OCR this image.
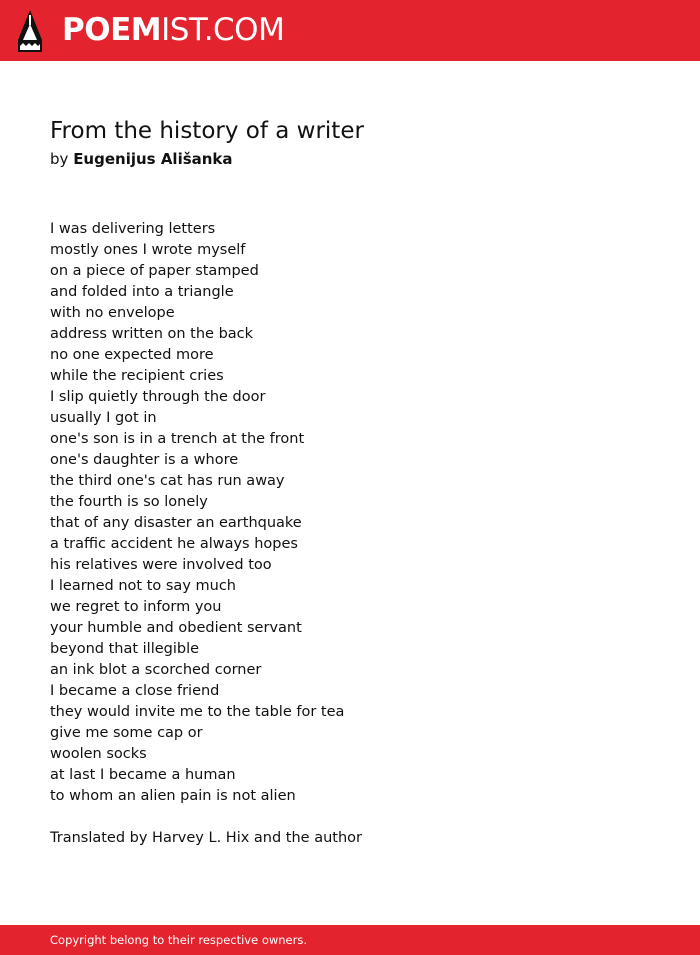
POEMIST.COM
From the history of a writer
by Eugenijus Ališanka
I was delivering letters
mostly ones I wrote myself
on a piece of paper stamped
and folded into a triangle
with no envelope
address written on the back
no one expected more
while the recipient cries
I slip quietly through the door
usually I got in
one's son is in a trench at the front
one's daughter is a whore
the third one's cat has run away
the fourth is so lonely
that of any disaster an earthquake
a traffic accident he always hopes
his relatives were involved too
I learned not to say much
we regret to inform you
your humble and obedient servant
beyond that illegible
an ink blot a scorched corner
I became a close friend
they would invite me to the table for tea
give me some cap or
woolen socks
at last I became a human
to whom an alien pain is not alien
Translated by Harvey L. Hix and the author
Copyright belong to their respective owners.
